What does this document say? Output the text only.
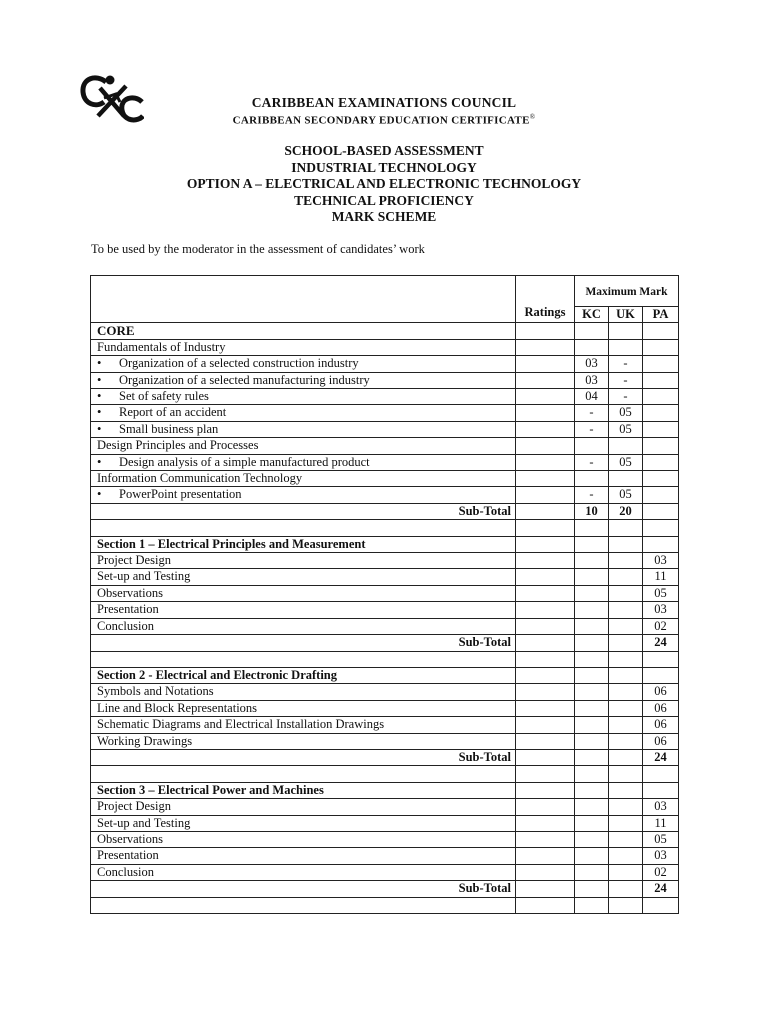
CARIBBEAN EXAMINATIONS COUNCIL
CARIBBEAN SECONDARY EDUCATION CERTIFICATE®
SCHOOL-BASED ASSESSMENT
INDUSTRIAL TECHNOLOGY
OPTION A – ELECTRICAL AND ELECTRONIC TECHNOLOGY
TECHNICAL PROFICIENCY
MARK SCHEME
To be used by the moderator in the assessment of candidates’ work
	Ratings	Maximum Mark		
		KC	UK	PA
CORE				
Fundamentals of Industry				
• Organization of a selected construction industry		03	-	
• Organization of a selected manufacturing industry		03	-	
• Set of safety rules		04	-	
• Report of an accident		-	05	
• Small business plan		-	05	
Design Principles and Processes				
• Design analysis of a simple manufactured product		-	05	
Information Communication Technology				
• PowerPoint presentation		-	05	
Sub-Total		10	20	

Section 1 – Electrical Principles and Measurement				
Project Design				03
Set-up and Testing				11
Observations				05
Presentation				03
Conclusion				02
Sub-Total				24

Section 2 - Electrical and Electronic Drafting				
Symbols and Notations				06
Line and Block Representations				06
Schematic Diagrams and Electrical Installation Drawings				06
Working Drawings				06
Sub-Total				24

Section 3 – Electrical Power and Machines				
Project Design				03
Set-up and Testing				11
Observations				05
Presentation				03
Conclusion				02
Sub-Total				24
